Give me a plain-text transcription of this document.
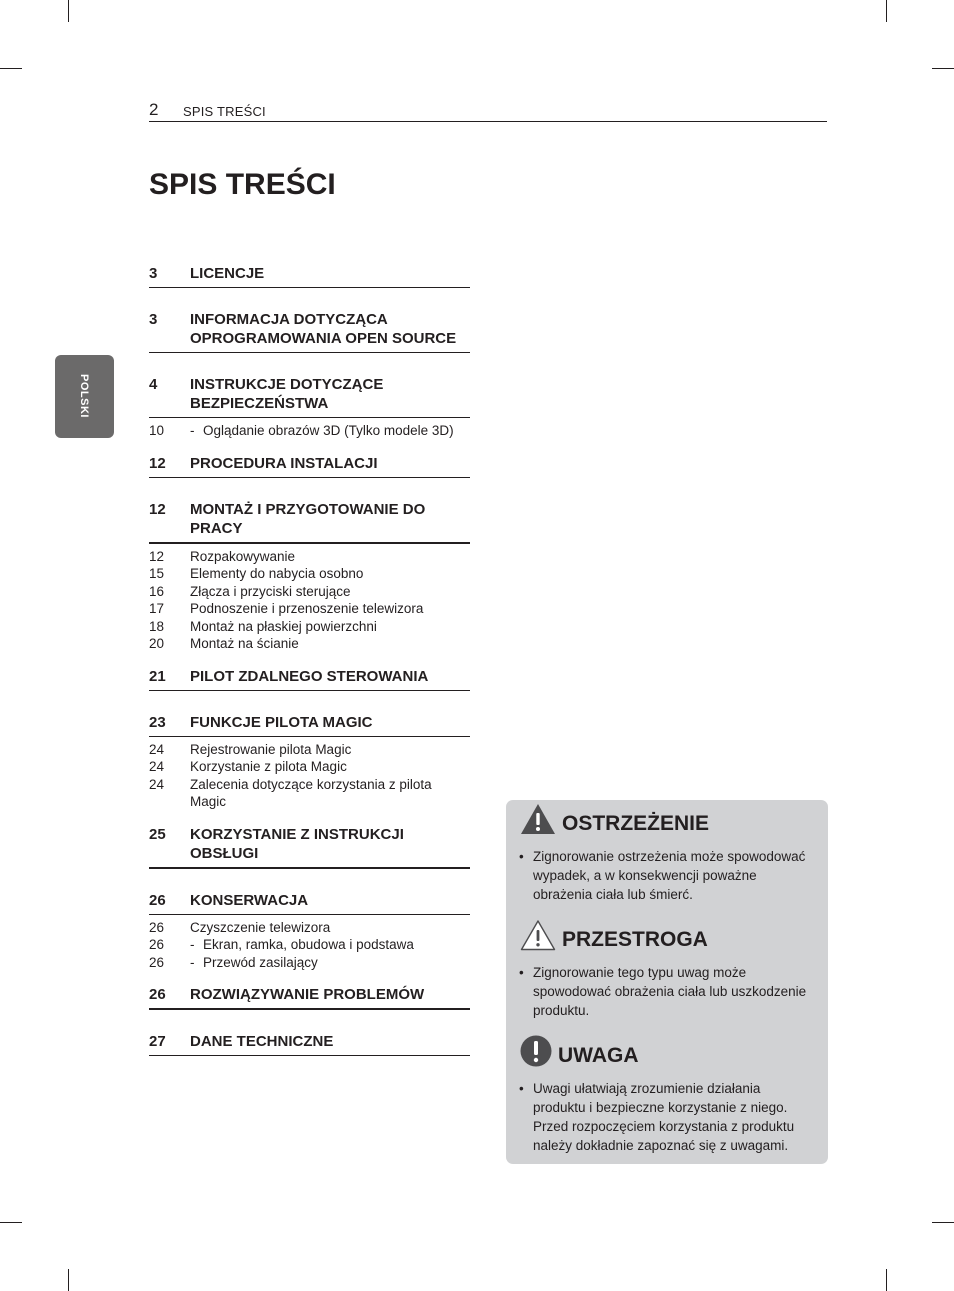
2 SPIS TREŚCI
SPIS TREŚCI
POLSKI
3	LICENCJE
3	INFORMACJA DOTYCZĄCA
OPROGRAMOWANIA OPEN SOURCE
4	INSTRUKCJE DOTYCZĄCE
BEZPIECZEŃSTWA
10	- Oglądanie obrazów 3D (Tylko modele 3D)
12	PROCEDURA INSTALACJI
12	MONTAŻ I PRZYGOTOWANIE DO
PRACY
12	Rozpakowywanie
15	Elementy do nabycia osobno
16	Złącza i przyciski sterujące
17	Podnoszenie i przenoszenie telewizora
18	Montaż na płaskiej powierzchni
20	Montaż na ścianie
21	PILOT ZDALNEGO STEROWANIA
23	FUNKCJE PILOTA MAGIC
24	Rejestrowanie pilota Magic
24	Korzystanie z pilota Magic
24	Zalecenia dotyczące korzystania z pilota
Magic
25	KORZYSTANIE Z INSTRUKCJI
OBSŁUGI
26	KONSERWACJA
26	Czyszczenie telewizora
26	- Ekran, ramka, obudowa i podstawa
26	- Przewód zasilający
26	ROZWIĄZYWANIE PROBLEMÓW
27	DANE TECHNICZNE
OSTRZEŻENIE
• Zignorowanie ostrzeżenia może spowodować wypadek, a w konsekwencji poważne obrażenia ciała lub śmierć.
PRZESTROGA
• Zignorowanie tego typu uwag może spowodować obrażenia ciała lub uszkodzenie produktu.
UWAGA
• Uwagi ułatwiają zrozumienie działania produktu i bezpieczne korzystanie z niego. Przed rozpoczęciem korzystania z produktu należy dokładnie zapoznać się z uwagami.
